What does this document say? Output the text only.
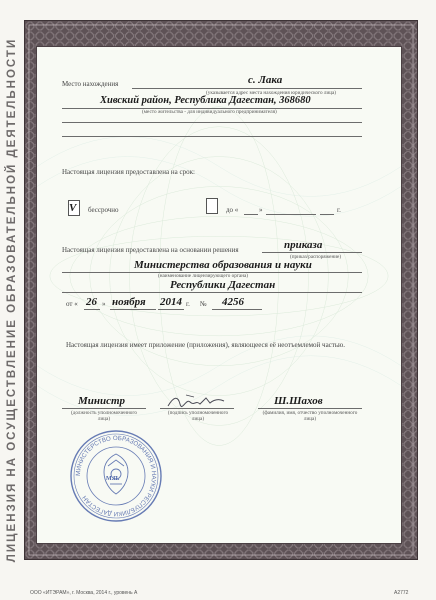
ЛИЦЕНЗИЯ НА ОСУЩЕСТВЛЕНИЕ ОБРАЗОВАТЕЛЬНОЙ ДЕЯТЕЛЬНОСТИ	Место нахождения	с. Лака
(указывается адрес места нахождения юридического лица)
Хивский район, Республика Дагестан, 368680
(место жительства - для индивидуального предпринимателя)
Настоящая лицензия предоставлена на срок:
V бессрочно	до «	»	г.
Настоящая лицензия предоставлена на основании решения	приказа
(приказ/распоряжение)
Министерства образования и науки
(наименование лицензирующего органа)
Республики Дагестан
от « 26 » ноября 2014 г. № 4256
Настоящая лицензия имеет приложение (приложения), являющееся её неотъемлемой частью.
Министр
(должность уполномоченного лица)
(подпись уполномоченного лица)
Ш.Шахов
(фамилия, имя, отчество уполномоченного лица)
МИНИСТЕРСТВО ОБРАЗОВАНИЯ И НАУКИ РЕСПУБЛИКИ ДАГЕСТАН
М.П.
ООО «ИТЭРАМ», г. Москва, 2014 г., уровень А	А2772
